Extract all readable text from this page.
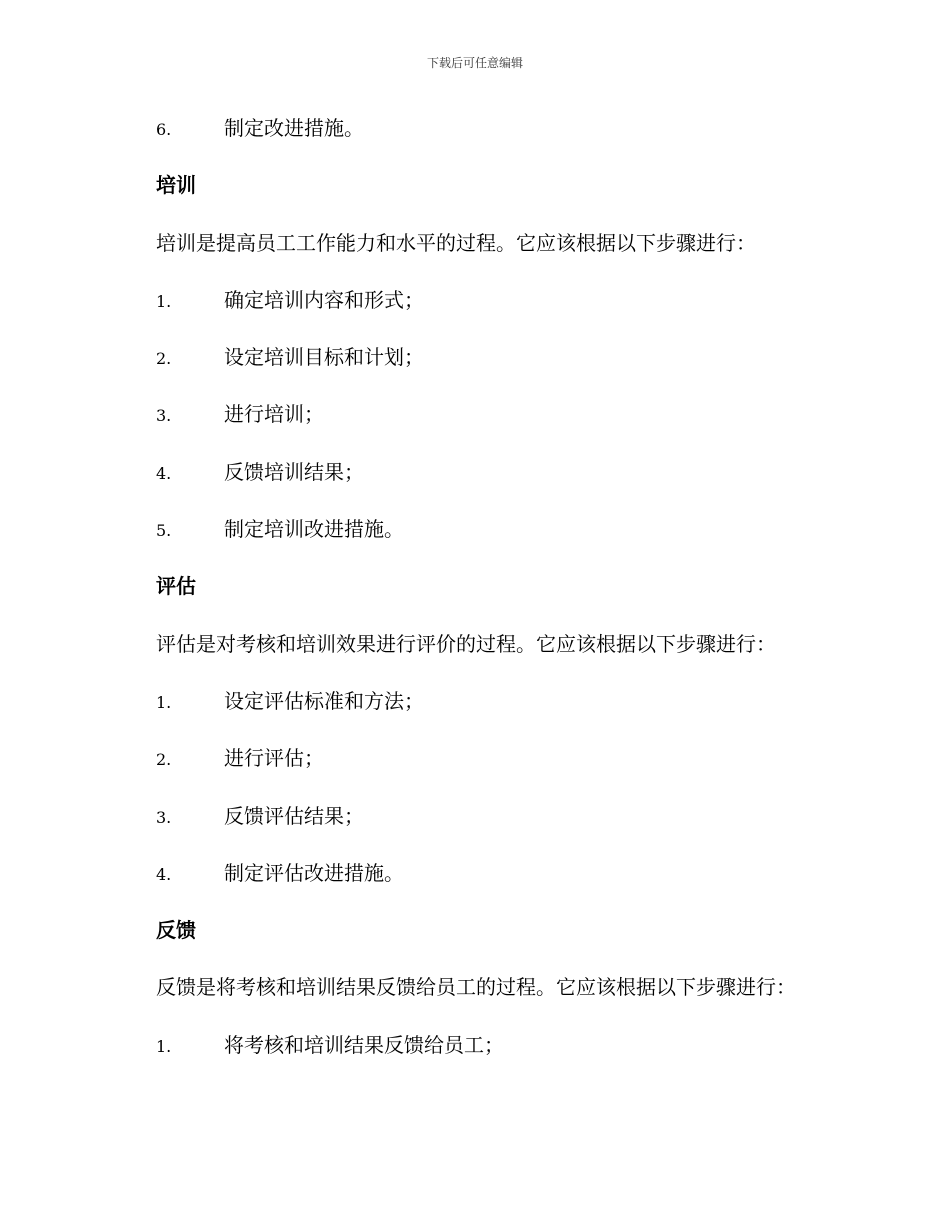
下载后可任意编辑
6.	制定改进措施。
培训
培训是提高员工工作能力和水平的过程。它应该根据以下步骤进行：
1.	确定培训内容和形式；
2.	设定培训目标和计划；
3.	进行培训；
4.	反馈培训结果；
5.	制定培训改进措施。
评估
评估是对考核和培训效果进行评价的过程。它应该根据以下步骤进行：
1.	设定评估标准和方法；
2.	进行评估；
3.	反馈评估结果；
4.	制定评估改进措施。
反馈
反馈是将考核和培训结果反馈给员工的过程。它应该根据以下步骤进行：
1.	将考核和培训结果反馈给员工；
